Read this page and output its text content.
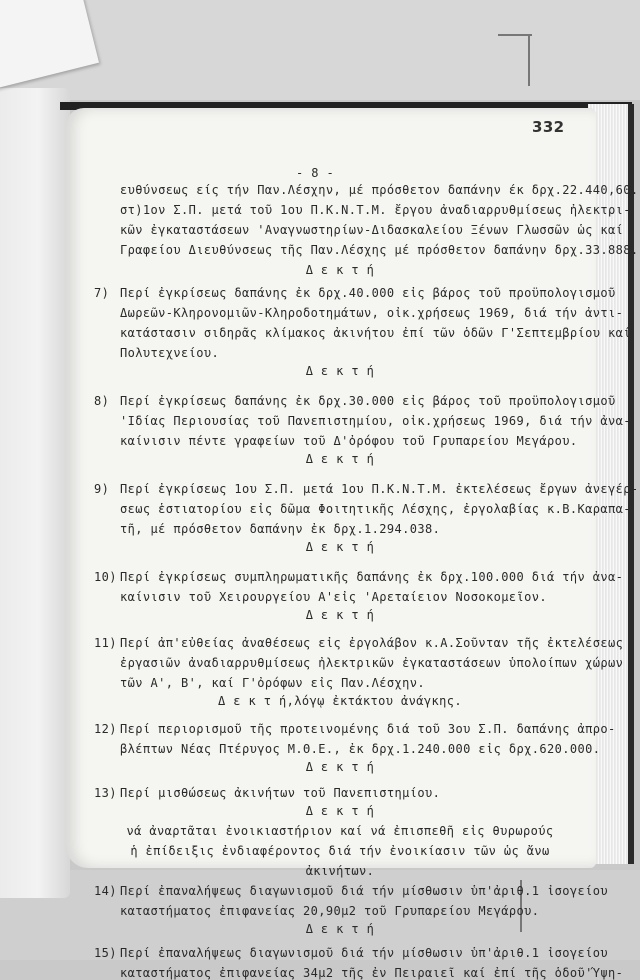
ευθύνσεως είς τήν Παν.Λέσχην, μέ πρόσθετον δαπάνην έκ δρχ.22.440,60.
στ)1ον Σ.Π. μετά τοῦ 1ου Π.Κ.Ν.Τ.Μ. ἔργου ἀναδιαρρυθμίσεως ἠλεκτρι-
κῶν ἐγκαταστάσεων 'Αναγνωστηρίων-Διδασκαλείου Ξένων Γλωσσῶν ὡς καί
Γραφείου Διευθύνσεως τῆς Παν.Λέσχης μέ πρόσθετον δαπάνην δρχ.33.888.
Δ ε κ τ ή
7) Περί ἐγκρίσεως δαπάνης ἐκ δρχ.40.000 εἰς βάρος τοῦ προϋπολογισμοῦ
Δωρεῶν-Κληρονομιῶν-Κληροδοτημάτων, οἰκ.χρήσεως 1969, διά τήν ἀντι-
κατάστασιν σιδηρᾶς κλίμακος ἀκινήτου ἐπί τῶν ὁδῶν Γ'Σεπτεμβρίου καί
Πολυτεχνείου.
Δ ε κ τ ή
8) Περί ἐγκρίσεως δαπάνης ἐκ δρχ.30.000 εἰς βάρος τοῦ προϋπολογισμοῦ
'Ιδίας Περιουσίας τοῦ Πανεπιστημίου, οἰκ.χρήσεως 1969, διά τήν ἀνα-
καίνισιν πέντε γραφείων τοῦ Δ'ὀρόφου τοῦ Γρυπαρείου Μεγάρου.
Δ ε κ τ ή
9) Περί ἐγκρίσεως 1ου Σ.Π. μετά 1ου Π.Κ.Ν.Τ.Μ. ἐκτελέσεως ἔργων ἀνεγέρ-
σεως ἑστιατορίου εἰς δῶμα Φοιτητικῆς Λέσχης, ἐργολαβίας κ.Β.Καραπα-
τῆ, μέ πρόσθετον δαπάνην ἐκ δρχ.1.294.038.
Δ ε κ τ ή
10) Περί ἐγκρίσεως συμπληρωματικῆς δαπάνης ἐκ δρχ.100.000 διά τήν ἀνα-
καίνισιν τοῦ Χειρουργείου Α'εἰς 'Αρεταίειον Νοσοκομεῖον.
Δ ε κ τ ή
11) Περί ἀπ'εὐθείας ἀναθέσεως εἰς ἐργολάβον κ.Α.Σοῦνταν τῆς ἐκτελέσεως
ἐργασιῶν ἀναδιαρρυθμίσεως ἠλεκτρικῶν ἐγκαταστάσεων ὑπολοίπων χώρων
τῶν Α', Β', καί Γ'ὀρόφων εἰς Παν.Λέσχην.
Δ ε κ τ ή,λόγῳ ἐκτάκτου ἀνάγκης.
12) Περί περιορισμοῦ τῆς προτεινομένης διά τοῦ 3ου Σ.Π. δαπάνης ἀπρο-
βλέπτων Νέας Πτέρυγος Μ.Θ.Ε., ἐκ δρχ.1.240.000 εἰς δρχ.620.000.
Δ ε κ τ ή
13) Περί μισθώσεως ἀκινήτων τοῦ Πανεπιστημίου.
Δ ε κ τ ή
νά ἀναρτᾶται ἐνοικιαστήριον καί νά ἐπισπεθῆ εἰς θυρωρούς
ἡ ἐπίδειξις ἐνδιαφέροντος διά τήν ἐνοικίασιν τῶν ὡς ἄνω
ἀκινήτων.
14) Περί ἐπαναλήψεως διαγωνισμοῦ διά τήν μίσθωσιν ὑπ'ἀριθ.1 ἰσογείου
καταστήματος ἐπιφανείας 20,90μ2 τοῦ Γρυπαρείου Μεγάρου.
Δ ε κ τ ή
15) Περί ἐπαναλήψεως διαγωνισμοῦ διά τήν μίσθωσιν ὑπ'ἀριθ.1 ἰσογείου
καταστήματος ἐπιφανείας 34μ2 τῆς ἐν Πειραιεῖ καί ἐπί τῆς ὁδοῦ'Ύψη-
332
- 8 -
